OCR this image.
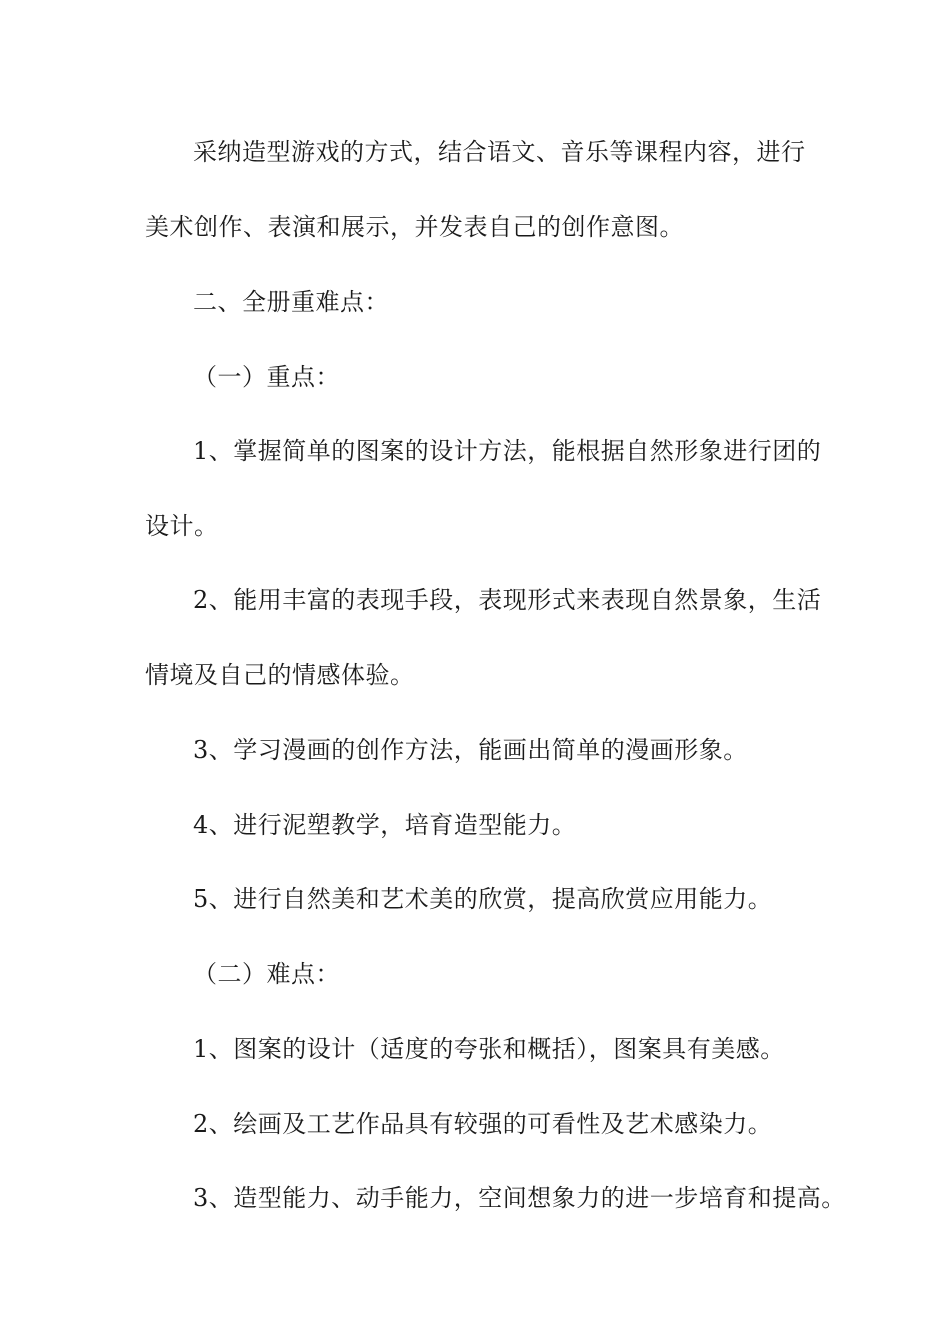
采纳造型游戏的方式，结合语文、音乐等课程内容，进行

美术创作、表演和展示，并发表自己的创作意图。

二、全册重难点：

（一）重点：

1、掌握简单的图案的设计方法，能根据自然形象进行团的

设计。

2、能用丰富的表现手段，表现形式来表现自然景象，生活

情境及自己的情感体验。

3、学习漫画的创作方法，能画出简单的漫画形象。

4、进行泥塑教学，培育造型能力。

5、进行自然美和艺术美的欣赏，提高欣赏应用能力。

（二）难点：

1、图案的设计（适度的夸张和概括），图案具有美感。

2、绘画及工艺作品具有较强的可看性及艺术感染力。

3、造型能力、动手能力，空间想象力的进一步培育和提高。
